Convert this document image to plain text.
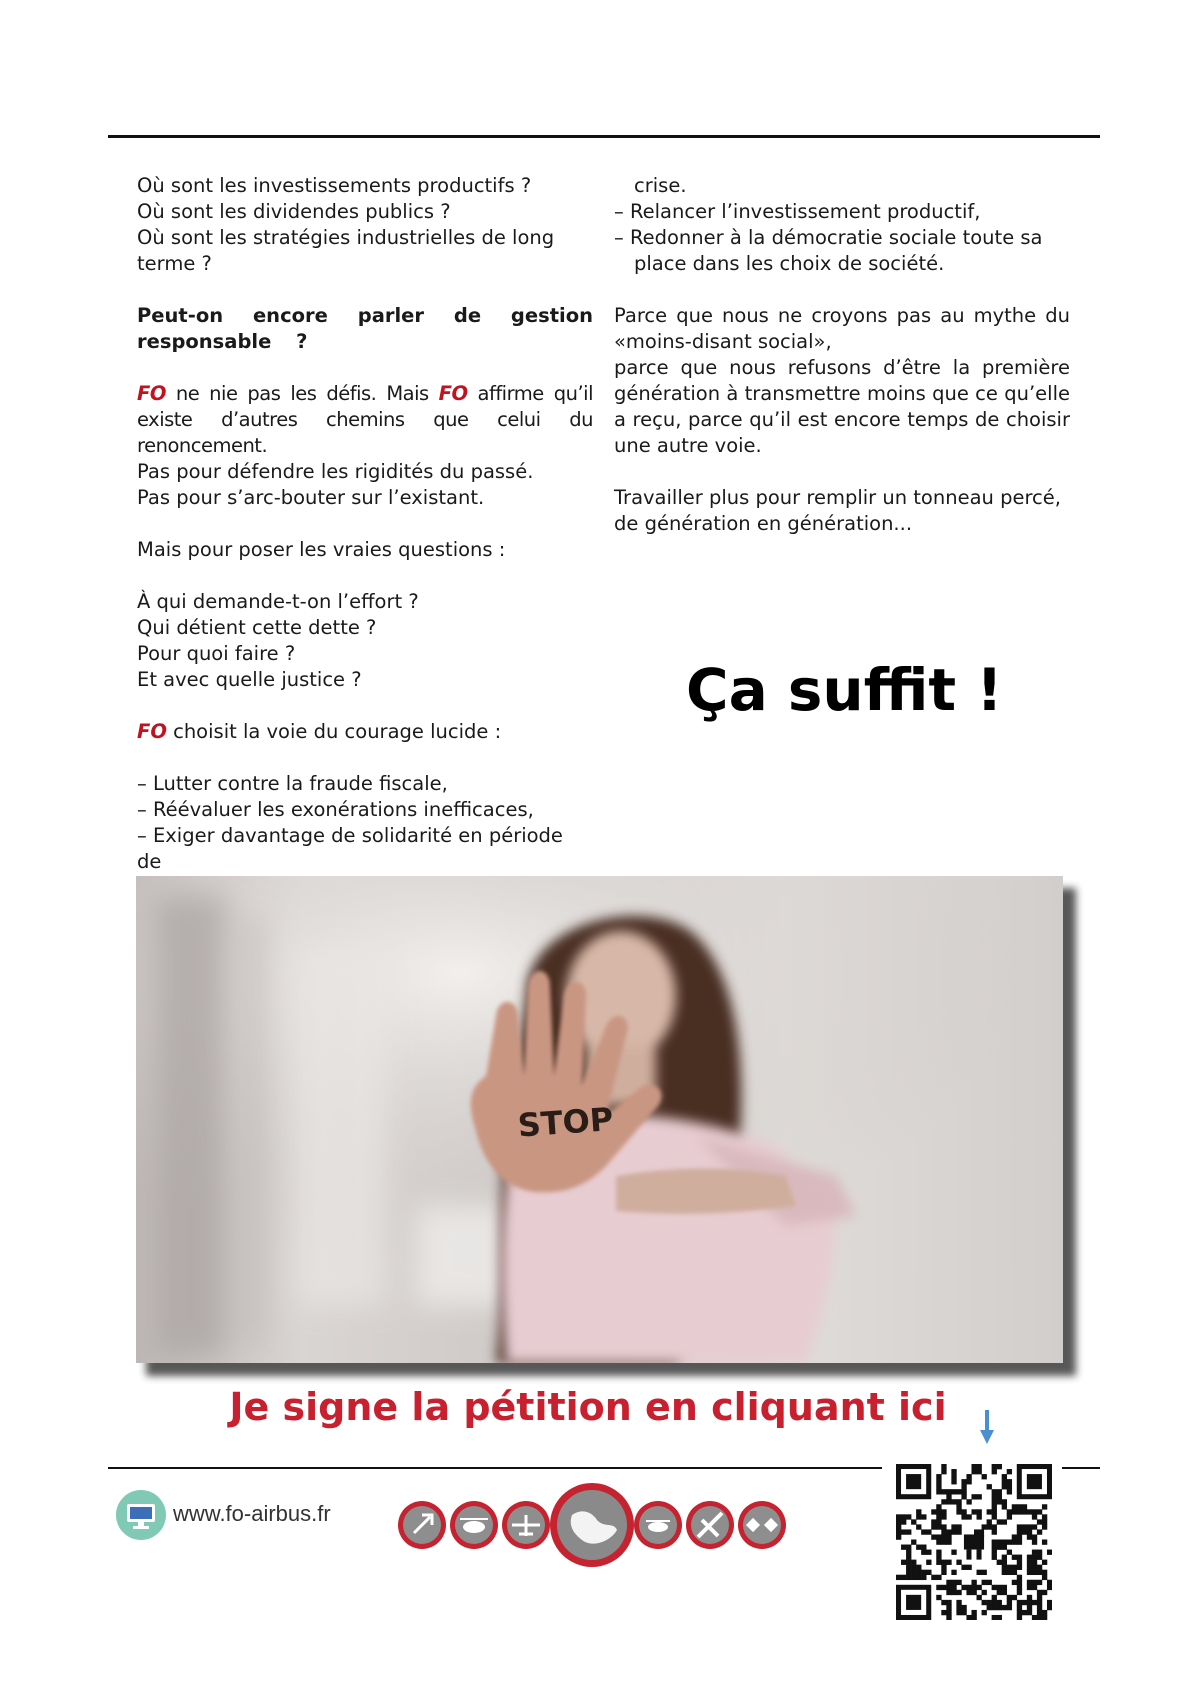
Où sont les investissements productifs ?

Où sont les dividendes publics ?

Où sont les stratégies industrielles de long terme ?

Peut-on encore parler de gestion responsable ?

FO ne nie pas les défis. Mais FO affirme qu’il existe d’autres chemins que celui du renoncement.

Pas pour défendre les rigidités du passé.

Pas pour s’arc-bouter sur l’existant.

Mais pour poser les vraies questions :

À qui demande-t-on l’effort ?

Qui détient cette dette ?

Pour quoi faire ?

Et avec quelle justice ?

FO choisit la voie du courage lucide :

– Lutter contre la fraude fiscale,

– Réévaluer les exonérations inefficaces,

– Exiger davantage de solidarité en période de

crise.

– Relancer l’investissement productif,

– Redonner à la démocratie sociale toute sa place dans les choix de société.

Parce que nous ne croyons pas au mythe du «moins-disant social»,

parce que nous refusons d’être la première génération à transmettre moins que ce qu’elle a reçu, parce qu’il est encore temps de choisir une autre voie.

Travailler plus pour remplir un tonneau percé, de génération en génération...

Ça suffit !
STOP
Je signe la pétition en cliquant ici
www.fo-airbus.fr
